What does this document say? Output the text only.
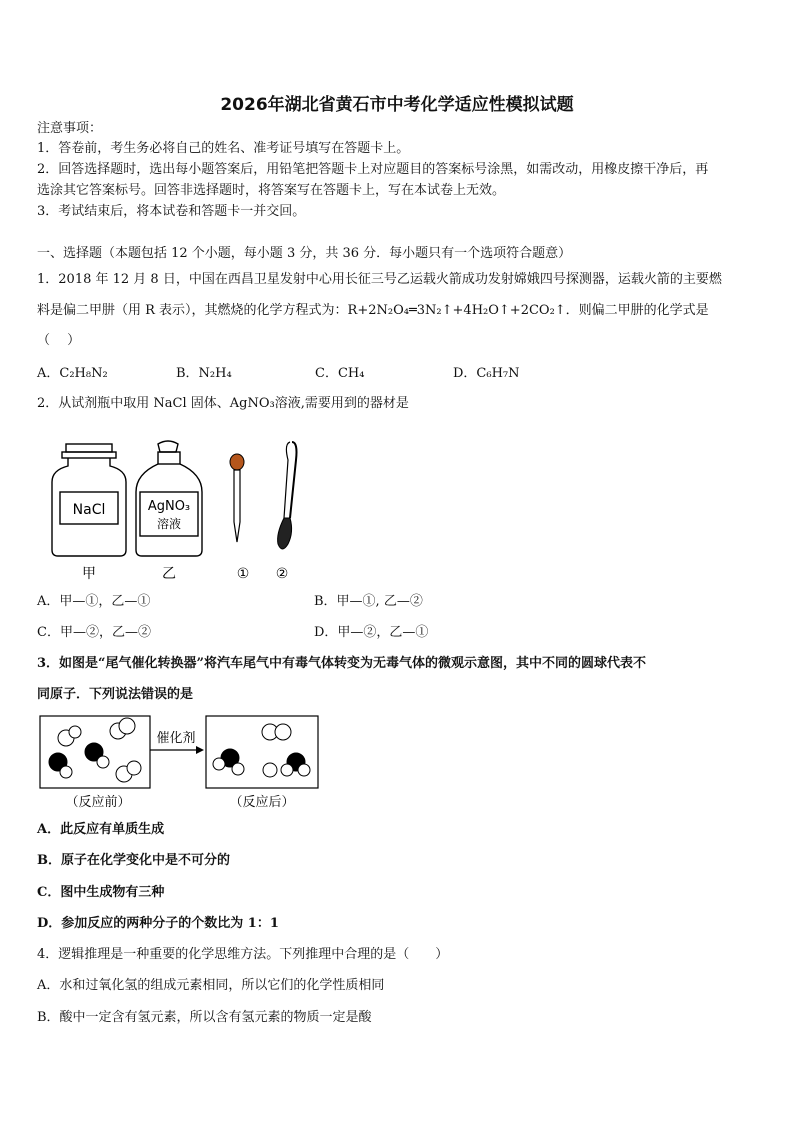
2026年湖北省黄石市中考化学适应性模拟试题
注意事项：
1．答卷前，考生务必将自己的姓名、准考证号填写在答题卡上。
2．回答选择题时，选出每小题答案后，用铅笔把答题卡上对应题目的答案标号涂黑，如需改动，用橡皮擦干净后，再
选涂其它答案标号。回答非选择题时，将答案写在答题卡上，写在本试卷上无效。
3．考试结束后，将本试卷和答题卡一并交回。
一、选择题（本题包括 12 个小题，每小题 3 分，共 36 分．每小题只有一个选项符合题意）
1．2018 年 12 月 8 日，中国在西昌卫星发射中心用长征三号乙运载火箭成功发射嫦娥四号探测器，运载火箭的主要燃
料是偏二甲肼（用 R 表示），其燃烧的化学方程式为：R+2N₂O₄═3N₂↑+4H₂O↑+2CO₂↑．则偏二甲肼的化学式是
（　 ）
A．C₂H₈N₂	B．N₂H₄	C．CH₄	D．C₆H₇N
2．从试剂瓶中取用 NaCl 固体、AgNO₃溶液,需要用到的器材是
NaCl	AgNO₃
溶液
甲	乙	① ②
A．甲—①，乙—①	B．甲—①, 乙—②
C．甲—②，乙—②	D．甲—②，乙—①
3．如图是“尾气催化转换器”将汽车尾气中有毒气体转变为无毒气体的微观示意图，其中不同的圆球代表不
同原子．下列说法错误的是
催化剂
（反应前）	（反应后）
A．此反应有单质生成
B．原子在化学变化中是不可分的
C．图中生成物有三种
D．参加反应的两种分子的个数比为 1：1
4．逻辑推理是一种重要的化学思维方法。下列推理中合理的是（　　）
A．水和过氧化氢的组成元素相同，所以它们的化学性质相同
B．酸中一定含有氢元素，所以含有氢元素的物质一定是酸
